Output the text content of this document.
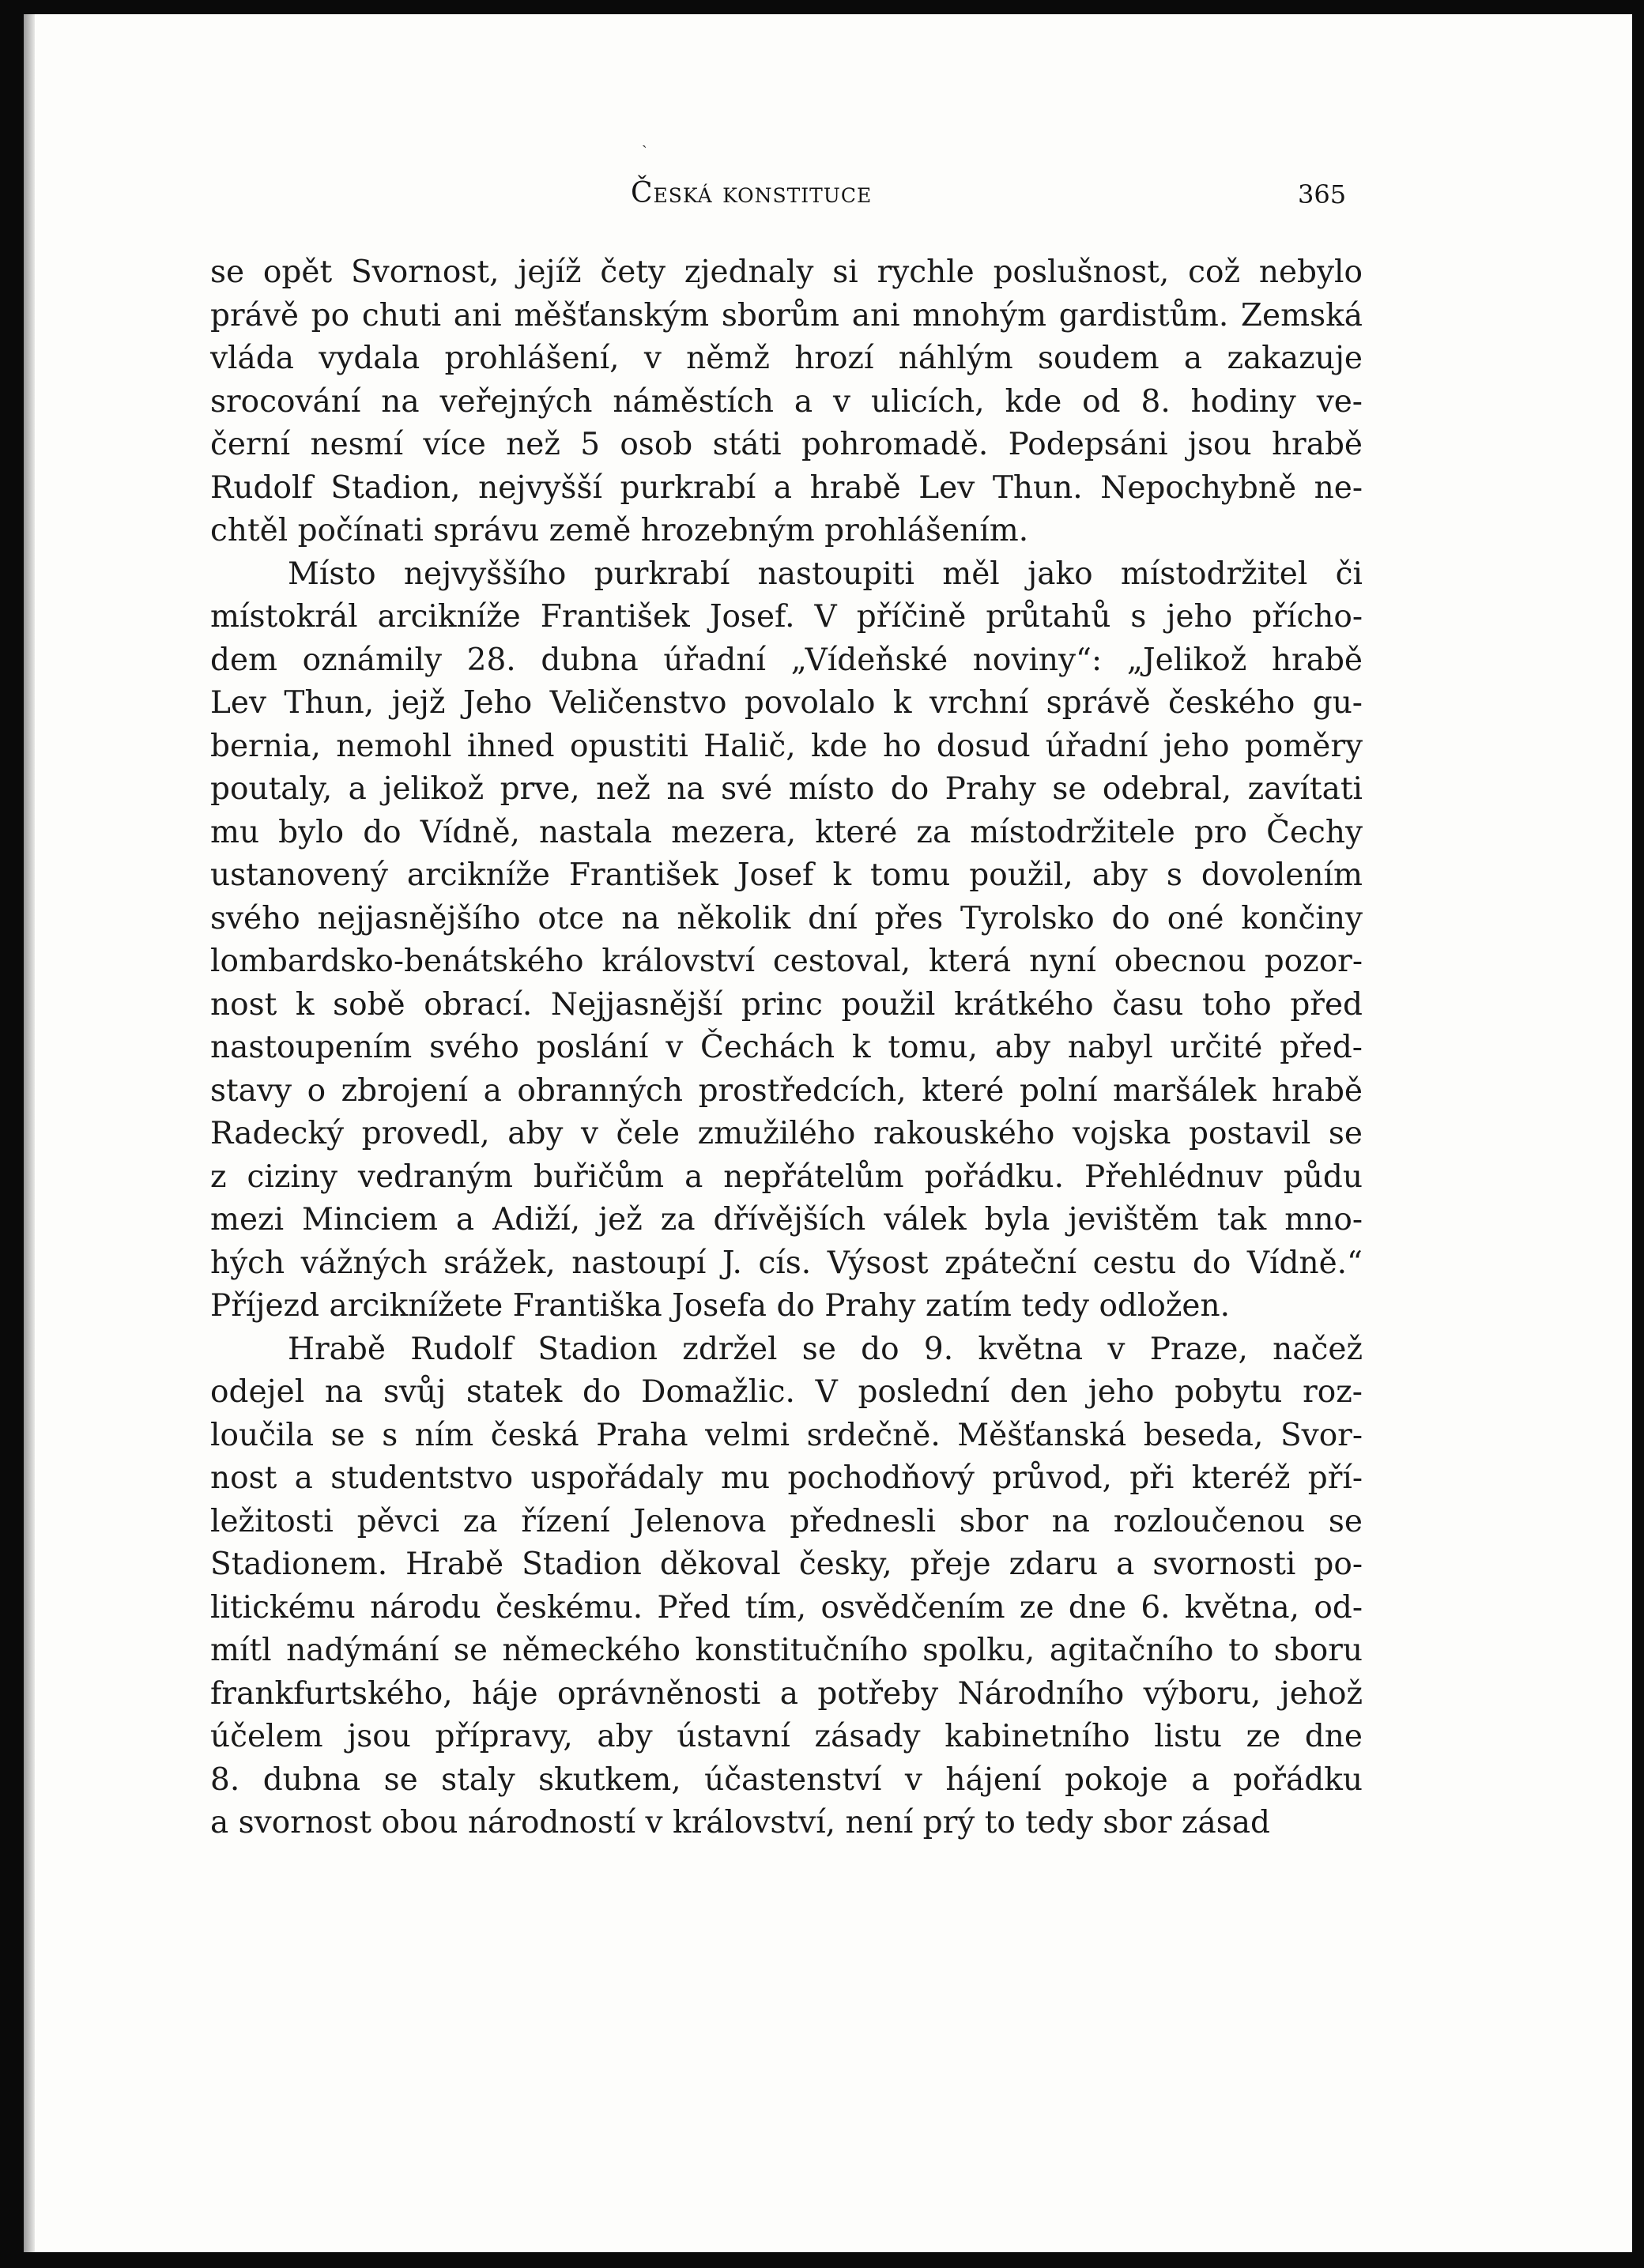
˴
Česká konstituce	365
se opět Svornost, jejíž čety zjednaly si rychle poslušnost, což nebylo
právě po chuti ani měšťanským sborům ani mnohým gardistům. Zemská
vláda vydala prohlášení, v němž hrozí náhlým soudem a zakazuje
srocování na veřejných náměstích a v ulicích, kde od 8. hodiny ve-
černí nesmí více než 5 osob státi pohromadě. Podepsáni jsou hrabě
Rudolf Stadion, nejvyšší purkrabí a hrabě Lev Thun. Nepochybně ne-
chtěl počínati správu země hrozebným prohlášením.
Místo nejvyššího purkrabí nastoupiti měl jako místodržitel či
místokrál arcikníže František Josef. V příčině průtahů s jeho přícho-
dem oznámily 28. dubna úřadní „Vídeňské noviny“: „Jelikož hrabě
Lev Thun, jejž Jeho Veličenstvo povolalo k vrchní správě českého gu-
bernia, nemohl ihned opustiti Halič, kde ho dosud úřadní jeho poměry
poutaly, a jelikož prve, než na své místo do Prahy se odebral, zavítati
mu bylo do Vídně, nastala mezera, které za místodržitele pro Čechy
ustanovený arcikníže František Josef k tomu použil, aby s dovolením
svého nejjasnějšího otce na několik dní přes Tyrolsko do oné končiny
lombardsko-benátského království cestoval, která nyní obecnou pozor-
nost k sobě obrací. Nejjasnější princ použil krátkého času toho před
nastoupením svého poslání v Čechách k tomu, aby nabyl určité před-
stavy o zbrojení a obranných prostředcích, které polní maršálek hrabě
Radecký provedl, aby v čele zmužilého rakouského vojska postavil se
z ciziny vedraným buřičům a nepřátelům pořádku. Přehlédnuv půdu
mezi Minciem a Adiží, jež za dřívějších válek byla jevištěm tak mno-
hých vážných srážek, nastoupí J. cís. Výsost zpáteční cestu do Vídně.“
Příjezd arciknížete Františka Josefa do Prahy zatím tedy odložen.
Hrabě Rudolf Stadion zdržel se do 9. května v Praze, načež
odejel na svůj statek do Domažlic. V poslední den jeho pobytu roz-
loučila se s ním česká Praha velmi srdečně. Měšťanská beseda, Svor-
nost a studentstvo uspořádaly mu pochodňový průvod, při kteréž pří-
ležitosti pěvci za řízení Jelenova přednesli sbor na rozloučenou se
Stadionem. Hrabě Stadion děkoval česky, přeje zdaru a svornosti po-
litickému národu českému. Před tím, osvědčením ze dne 6. května, od-
mítl nadýmání se německého konstitučního spolku, agitačního to sboru
frankfurtského, háje oprávněnosti a potřeby Národního výboru, jehož
účelem jsou přípravy, aby ústavní zásady kabinetního listu ze dne
8. dubna se staly skutkem, účastenství v hájení pokoje a pořádku
a svornost obou národností v království, není prý to tedy sbor zásad
